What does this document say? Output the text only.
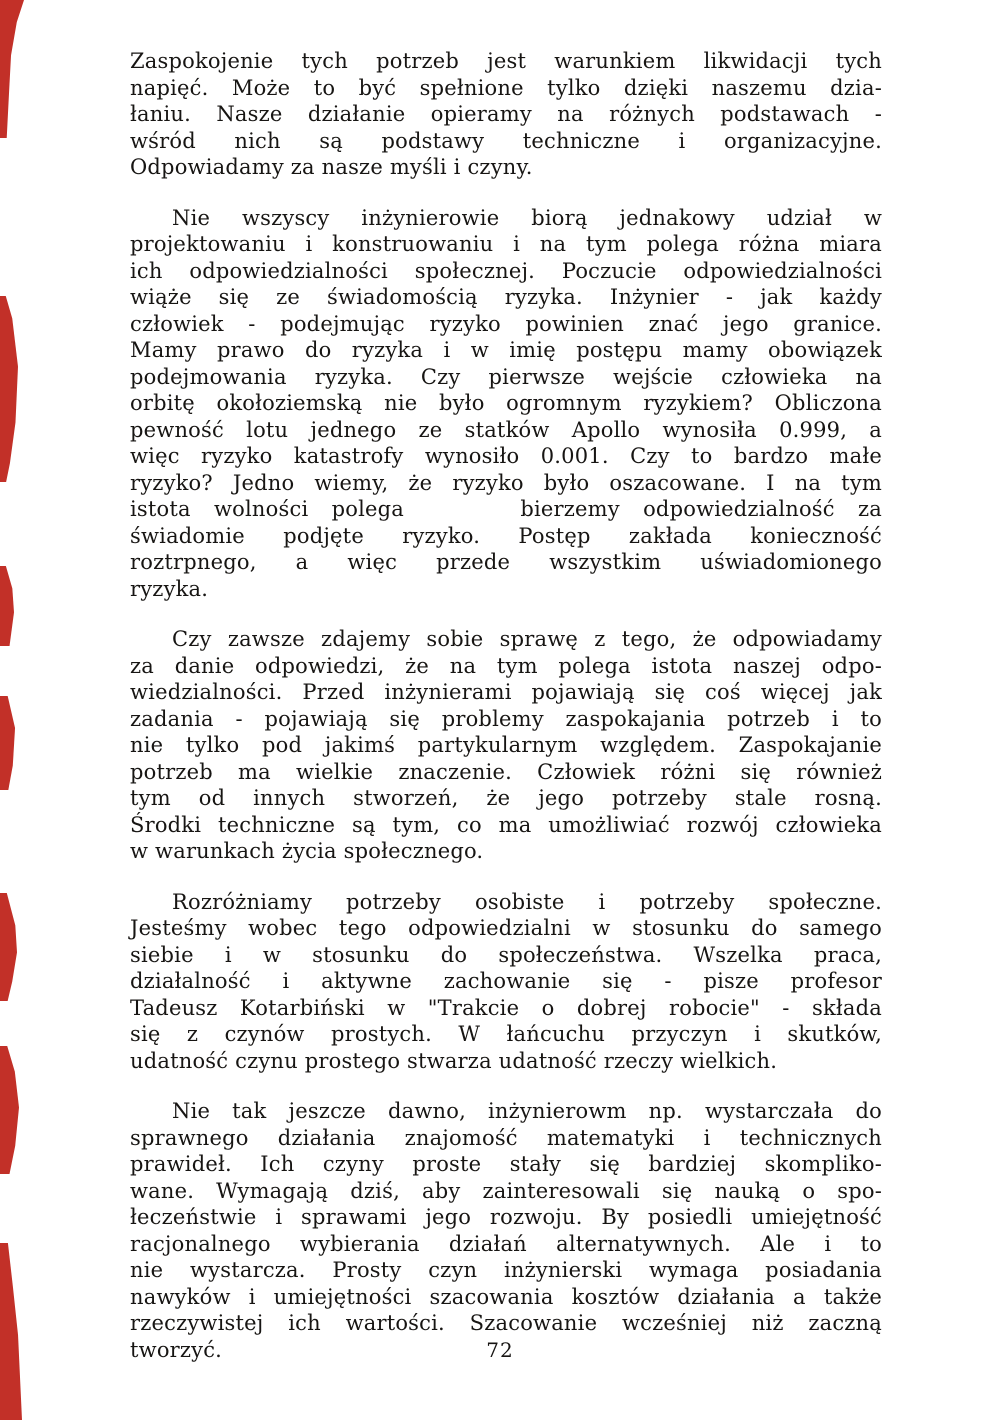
Zaspokojenie tych potrzeb jest warunkiem likwidacji tych
napięć. Może to być spełnione tylko dzięki naszemu dzia-
łaniu. Nasze działanie opieramy na różnych podstawach -
wśród nich są podstawy techniczne i organizacyjne.
Odpowiadamy za nasze myśli i czyny.

Nie wszyscy inżynierowie biorą jednakowy udział w
projektowaniu i konstruowaniu i na tym polega różna miara
ich odpowiedzialności społecznej. Poczucie odpowiedzialności
wiąże się ze świadomością ryzyka. Inżynier - jak każdy
człowiek - podejmując ryzyko powinien znać jego granice.
Mamy prawo do ryzyka i w imię postępu mamy obowiązek
podejmowania ryzyka. Czy pierwsze wejście człowieka na
orbitę okołoziemską nie było ogromnym ryzykiem? Obliczona
pewność lotu jednego ze statków Apollo wynosiła 0.999, a
więc ryzyko katastrofy wynosiło 0.001. Czy to bardzo małe
ryzyko? Jedno wiemy, że ryzyko było oszacowane. I na tym
istota wolności polega     bierzemy odpowiedzialność za
świadomie podjęte ryzyko. Postęp zakłada konieczność
roztrpnego, a więc przede wszystkim uświadomionego
ryzyka.

Czy zawsze zdajemy sobie sprawę z tego, że odpowiadamy
za danie odpowiedzi, że na tym polega istota naszej odpo-
wiedzialności. Przed inżynierami pojawiają się coś więcej jak
zadania - pojawiają się problemy zaspokajania potrzeb i to
nie tylko pod jakimś partykularnym względem. Zaspokajanie
potrzeb ma wielkie znaczenie. Człowiek różni się również
tym od innych stworzeń, że jego potrzeby stale rosną.
Środki techniczne są tym, co ma umożliwiać rozwój człowieka
w warunkach życia społecznego.

Rozróżniamy potrzeby osobiste i potrzeby społeczne.
Jesteśmy wobec tego odpowiedzialni w stosunku do samego
siebie i w stosunku do społeczeństwa. Wszelka praca,
działalność i aktywne zachowanie się - pisze profesor
Tadeusz Kotarbiński w "Trakcie o dobrej robocie" - składa
się z czynów prostych. W łańcuchu przyczyn i skutków,
udatność czynu prostego stwarza udatność rzeczy wielkich.

Nie tak jeszcze dawno, inżynierowm np. wystarczała do
sprawnego działania znajomość matematyki i technicznych
prawideł. Ich czyny proste stały się bardziej skompliko-
wane. Wymagają dziś, aby zainteresowali się nauką o spo-
łeczeństwie i sprawami jego rozwoju. By posiedli umiejętność
racjonalnego wybierania działań alternatywnych. Ale i to
nie wystarcza. Prosty czyn inżynierski wymaga posiadania
nawyków i umiejętności szacowania kosztów działania a także
rzeczywistej ich wartości. Szacowanie wcześniej niż zaczną
tworzyć.	72
